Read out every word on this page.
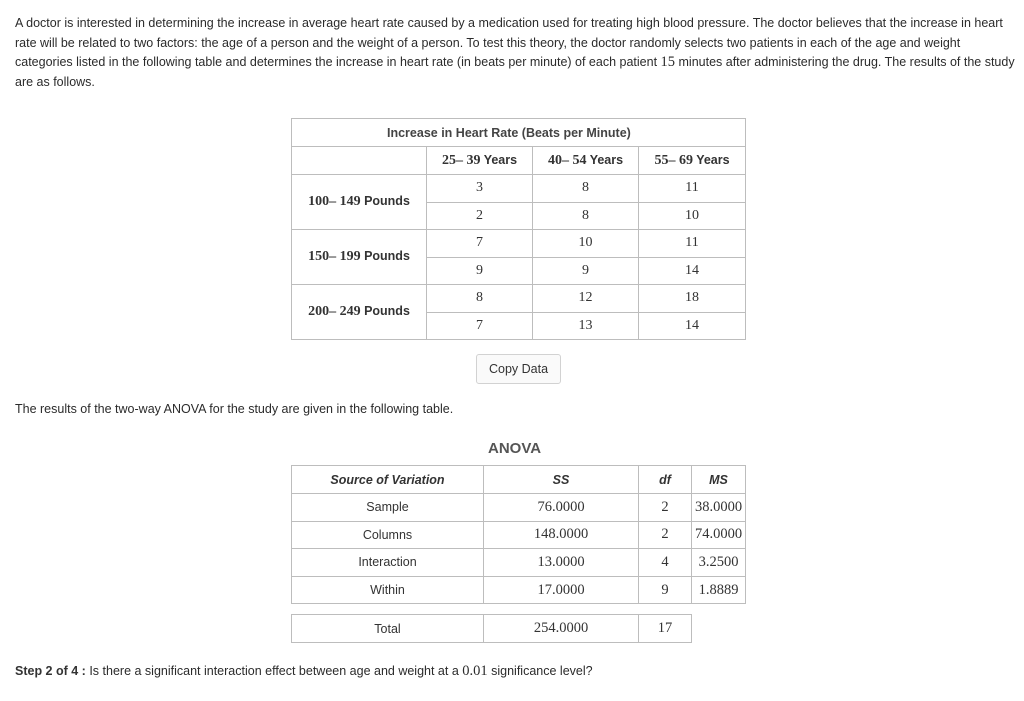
A doctor is interested in determining the increase in average heart rate caused by a medication used for treating high blood pressure. The doctor believes that the increase in heart rate will be related to two factors: the age of a person and the weight of a person. To test this theory, the doctor randomly selects two patients in each of the age and weight categories listed in the following table and determines the increase in heart rate (in beats per minute) of each patient 15 minutes after administering the drug. The results of the study are as follows.
Increase in Heart Rate (Beats per Minute)			
	25– 39 Years	40– 54 Years	55– 69 Years
100– 149 Pounds	3	8	11
	2	8	10
150– 199 Pounds	7	10	11
	9	9	14
200– 249 Pounds	8	12	18
	7	13	14
Copy Data
The results of the two-way ANOVA for the study are given in the following table.
ANOVA
Source of Variation	SS	df	MS
Sample	76.0000	2	38.0000
Columns	148.0000	2	74.0000
Interaction	13.0000	4	3.2500
Within	17.0000	9	1.8889
Total	254.0000	17
Step 2 of 4 : Is there a significant interaction effect between age and weight at a 0.01 significance level?
